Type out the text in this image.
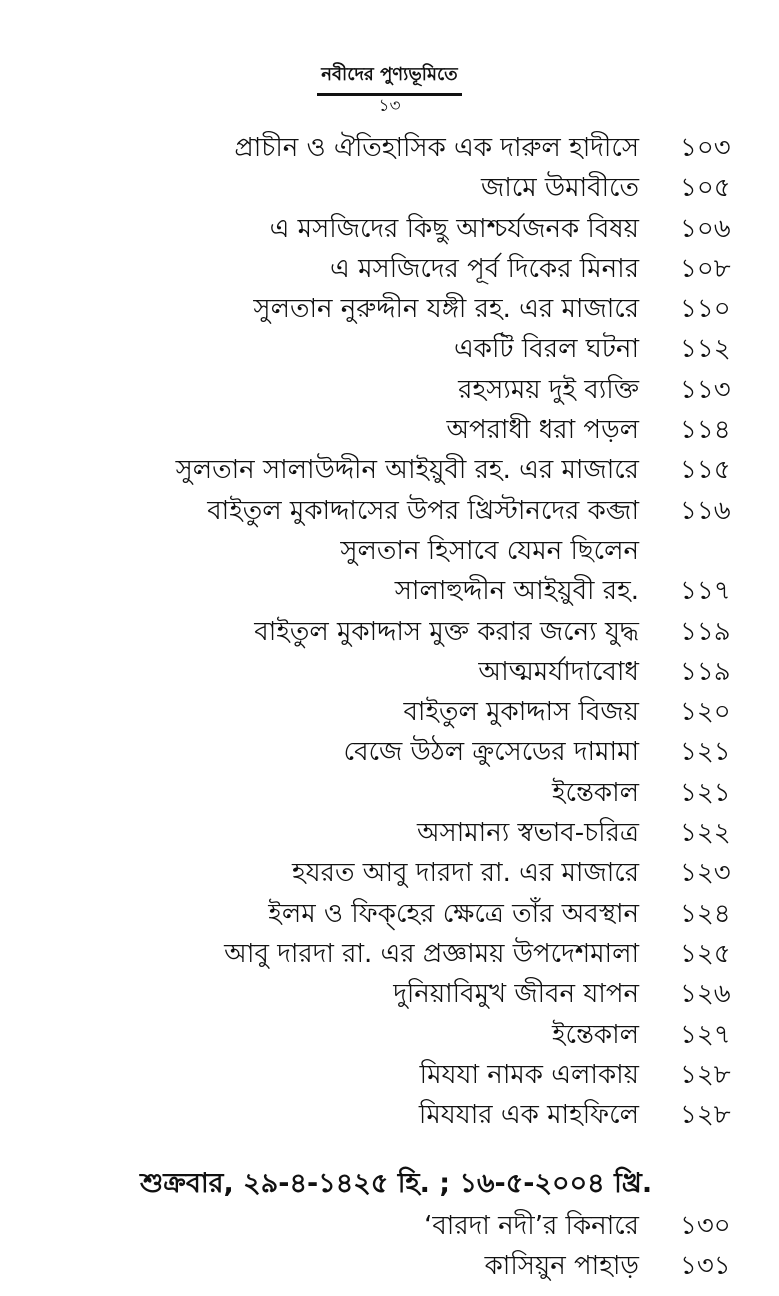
নবীদের পুণ্যভূমিতে
১৩
প্রাচীন ও ঐতিহাসিক এক দারুল হাদীসে ১০৩
জামে উমাবীতে ১০৫
এ মসজিদের কিছু আশ্চর্যজনক বিষয় ১০৬
এ মসজিদের পূর্ব দিকের মিনার ১০৮
সুলতান নুরুদ্দীন যঙ্গী রহ. এর মাজারে ১১০
একটি বিরল ঘটনা ১১২
রহস্যময় দুই ব্যক্তি ১১৩
অপরাধী ধরা পড়ল ১১৪
সুলতান সালাউদ্দীন আইয়ুবী রহ. এর মাজারে ১১৫
বাইতুল মুকাদ্দাসের উপর খ্রিস্টানদের কব্জা ১১৬
সুলতান হিসাবে যেমন ছিলেন
সালাহুদ্দীন আইয়ুবী রহ. ১১৭
বাইতুল মুকাদ্দাস মুক্ত করার জন্যে যুদ্ধ ১১৯
আত্মমর্যাদাবোধ ১১৯
বাইতুল মুকাদ্দাস বিজয় ১২০
বেজে উঠল ক্রুসেডের দামামা ১২১
ইন্তেকাল ১২১
অসামান্য স্বভাব-চরিত্র ১২২
হযরত আবু দারদা রা. এর মাজারে ১২৩
ইলম ও ফিক্‌হের ক্ষেত্রে তাঁর অবস্থান ১২৪
আবু দারদা রা. এর প্রজ্ঞাময় উপদেশমালা ১২৫
দুনিয়াবিমুখ জীবন যাপন ১২৬
ইন্তেকাল ১২৭
মিযযা নামক এলাকায় ১২৮
মিযযার এক মাহফিলে ১২৮
শুক্রবার, ২৯-৪-১৪২৫ হি. ; ১৬-৫-২০০৪ খ্রি.
‘বারদা নদী’র কিনারে ১৩০
কাসিয়ুন পাহাড় ১৩১
